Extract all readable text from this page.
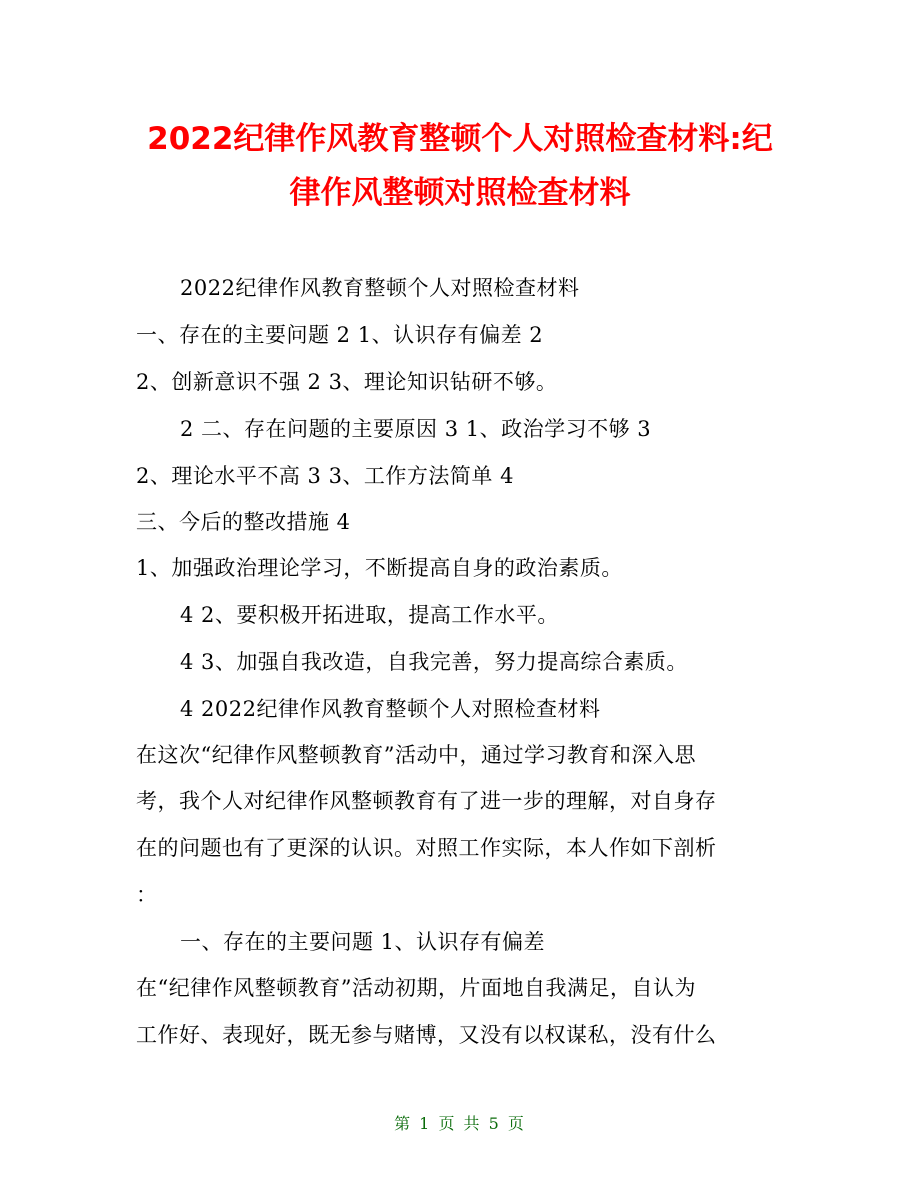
2022纪律作风教育整顿个人对照检查材料:纪
律作风整顿对照检查材料
2022纪律作风教育整顿个人对照检查材料
一、存在的主要问题 2 1、认识存有偏差 2
2、创新意识不强 2 3、理论知识钻研不够。
2 二、存在问题的主要原因 3 1、政治学习不够 3
2、理论水平不高 3 3、工作方法简单 4
三、今后的整改措施 4
1、加强政治理论学习，不断提高自身的政治素质。
4 2、要积极开拓进取，提高工作水平。
4 3、加强自我改造，自我完善，努力提高综合素质。
4 2022纪律作风教育整顿个人对照检查材料
在这次“纪律作风整顿教育”活动中，通过学习教育和深入思
考，我个人对纪律作风整顿教育有了进一步的理解，对自身存
在的问题也有了更深的认识。对照工作实际，本人作如下剖析
：
一、存在的主要问题 1、认识存有偏差
在“纪律作风整顿教育”活动初期，片面地自我满足，自认为
工作好、表现好，既无参与赌博，又没有以权谋私，没有什么
第 1 页 共 5 页
